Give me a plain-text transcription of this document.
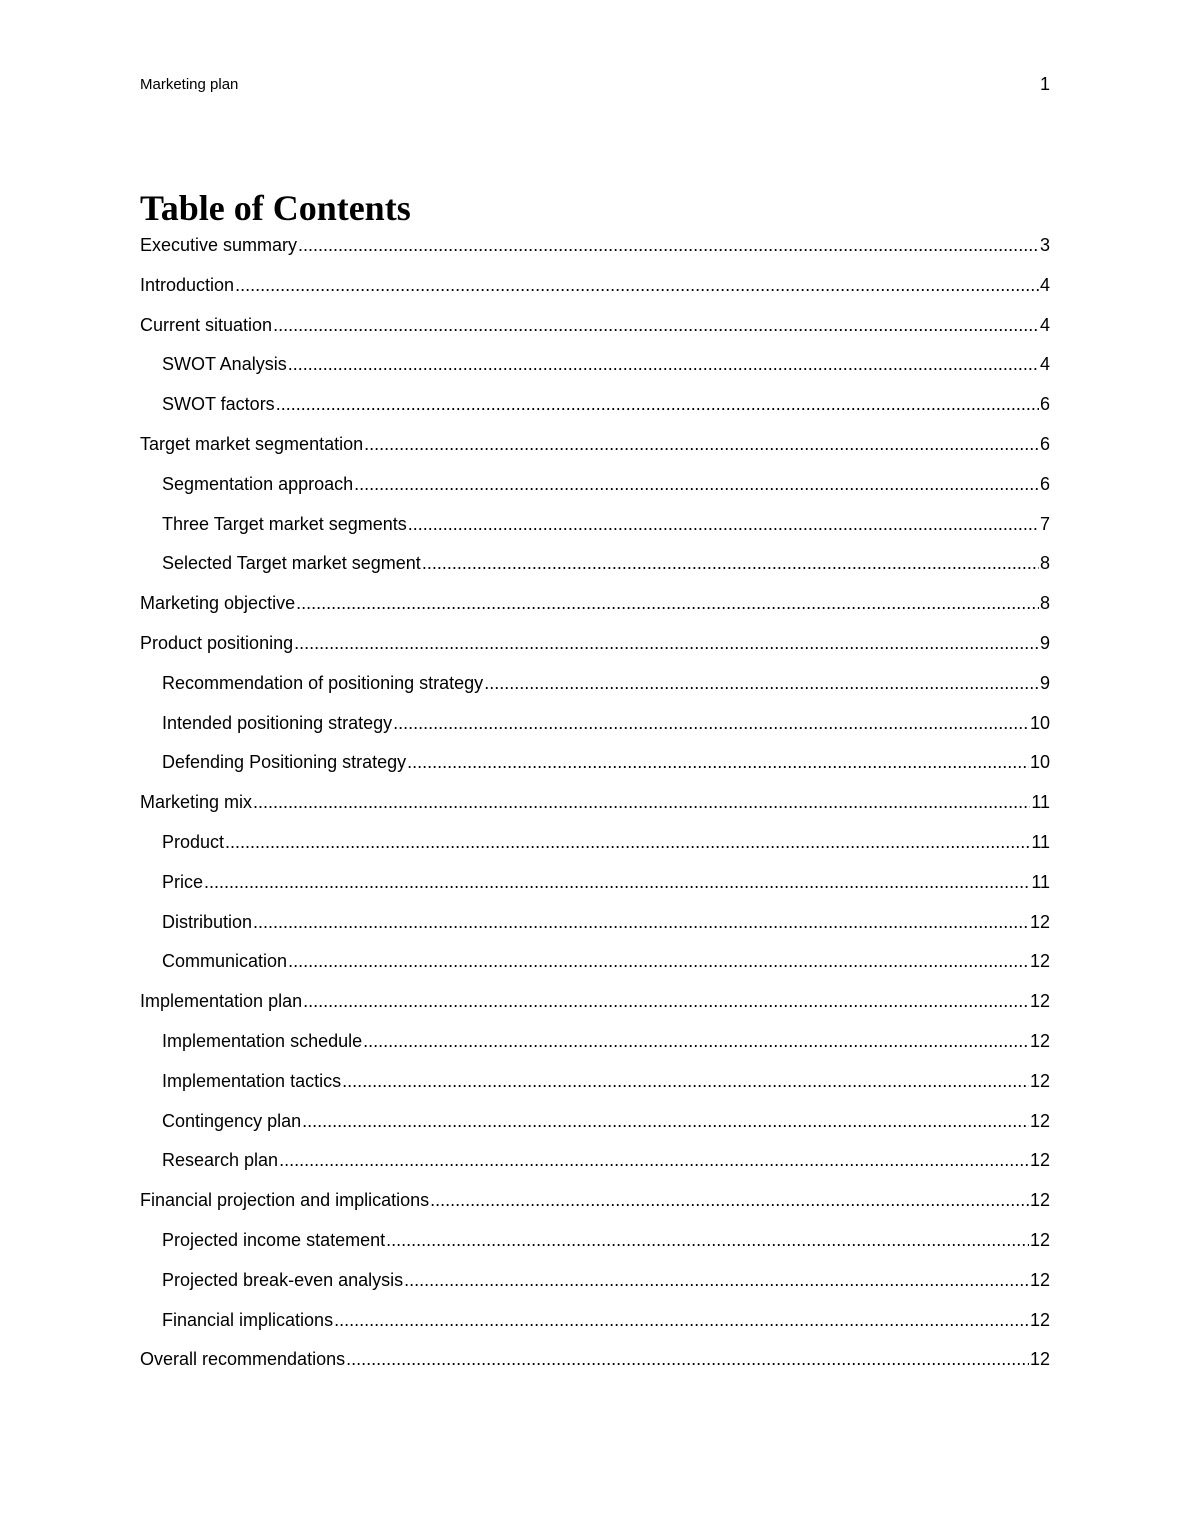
Marketing plan	1
Table of Contents
Executive summary .....	3
Introduction .....	4
Current situation .....	4
SWOT Analysis .....	4
SWOT factors .....	6
Target market segmentation .....	6
Segmentation approach .....	6
Three Target market segments .....	7
Selected Target market segment .....	8
Marketing objective .....	8
Product positioning .....	9
Recommendation of positioning strategy .....	9
Intended positioning strategy .....	10
Defending Positioning strategy .....	10
Marketing mix .....	11
Product .....	11
Price .....	11
Distribution .....	12
Communication .....	12
Implementation plan .....	12
Implementation schedule .....	12
Implementation tactics .....	12
Contingency plan .....	12
Research plan .....	12
Financial projection and implications .....	12
Projected income statement .....	12
Projected break-even analysis .....	12
Financial implications .....	12
Overall recommendations .....	12
